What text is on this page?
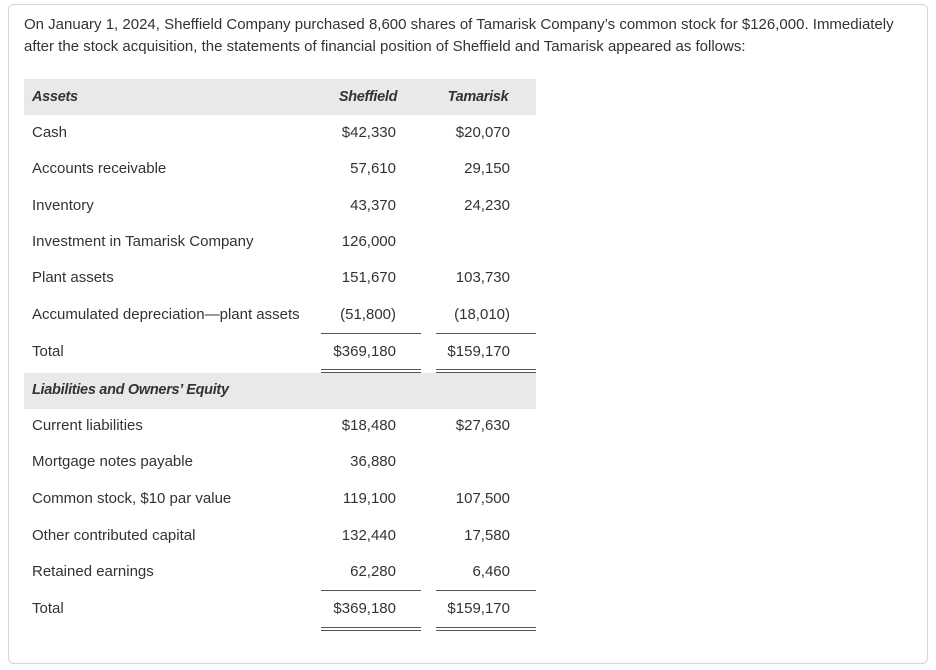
On January 1, 2024, Sheffield Company purchased 8,600 shares of Tamarisk Company’s common stock for $126,000. Immediately after the stock acquisition, the statements of financial position of Sheffield and Tamarisk appeared as follows:
Assets	Sheffield	Tamarisk
Cash	$42,330	$20,070
Accounts receivable	57,610	29,150
Inventory	43,370	24,230
Investment in Tamarisk Company	126,000
Plant assets	151,670	103,730
Accumulated depreciation—plant assets	(51,800)	(18,010)
Total	$369,180	$159,170
Liabilities and Owners’ Equity
Current liabilities	$18,480	$27,630
Mortgage notes payable	36,880
Common stock, $10 par value	119,100	107,500
Other contributed capital	132,440	17,580
Retained earnings	62,280	6,460
Total	$369,180	$159,170
